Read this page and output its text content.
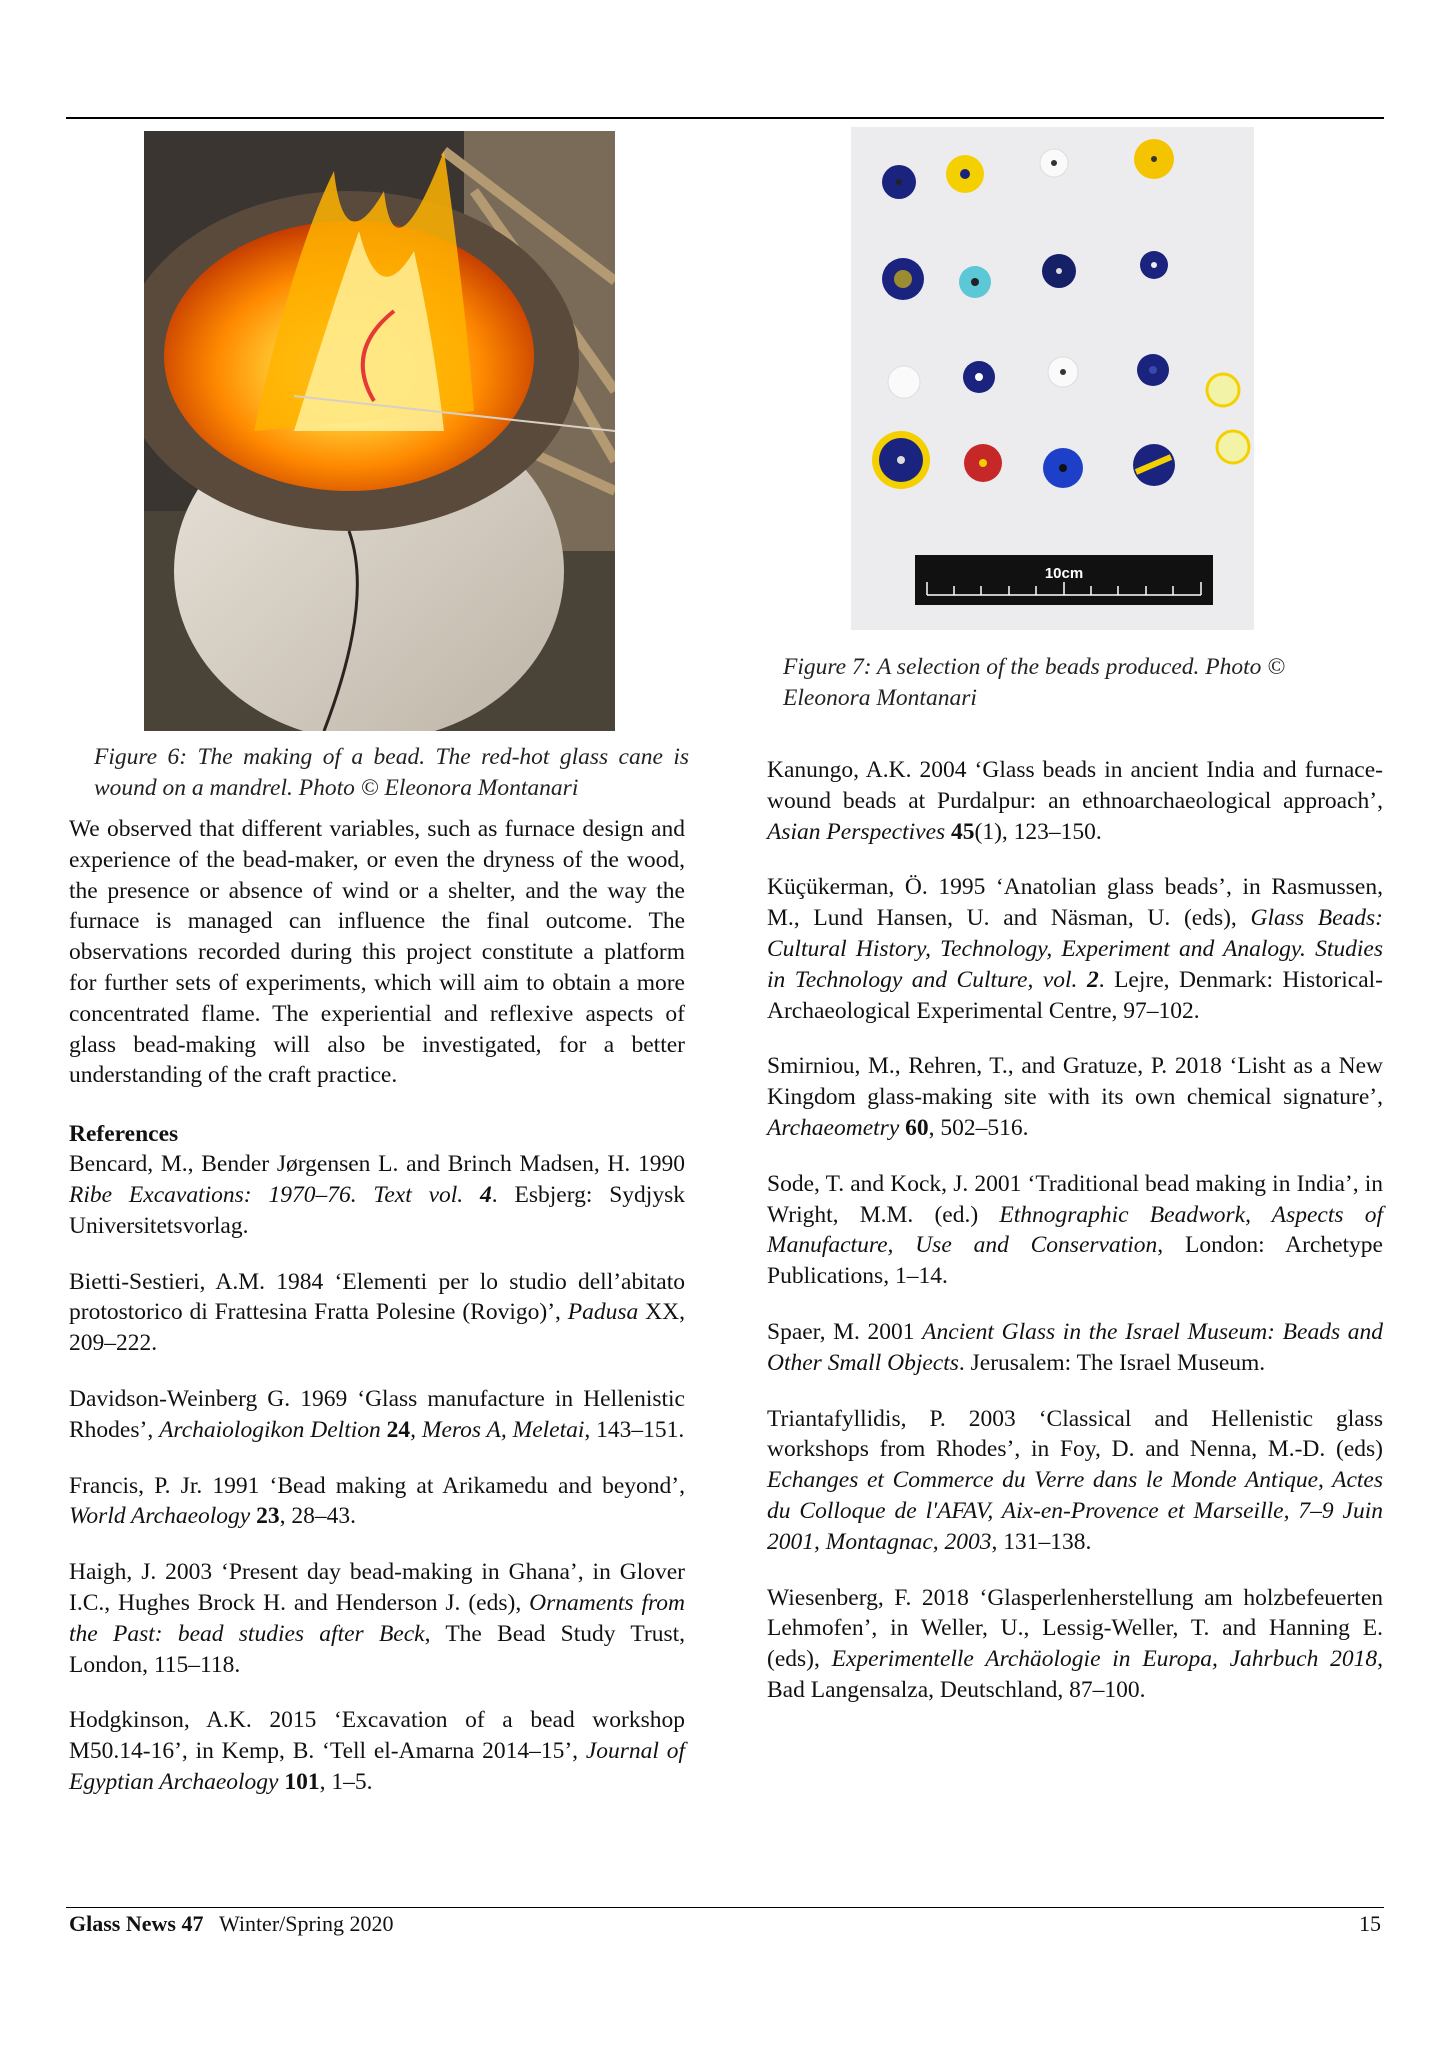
10cm
Figure 7: A selection of the beads produced. Photo © Eleonora Montanari
Figure 6: The making of a bead. The red-hot glass cane is wound on a mandrel. Photo © Eleonora Montanari

We observed that different variables, such as furnace design and experience of the bead-maker, or even the dryness of the wood, the presence or absence of wind or a shelter, and the way the furnace is managed can influence the final outcome. The observations recorded during this project constitute a platform for further sets of experiments, which will aim to obtain a more concentrated flame. The experiential and reflexive aspects of glass bead-making will also be investigated, for a better understanding of the craft practice.

References
Bencard, M., Bender Jørgensen L. and Brinch Madsen, H. 1990 Ribe Excavations: 1970–76. Text vol. 4. Esbjerg: Sydjysk Universitetsvorlag.
Bietti-Sestieri, A.M. 1984 ‘Elementi per lo studio dell’abitato protostorico di Frattesina Fratta Polesine (Rovigo)’, Padusa XX, 209–222.
Davidson-Weinberg G. 1969 ‘Glass manufacture in Hellenistic Rhodes’, Archaiologikon Deltion 24, Meros A, Meletai, 143–151.
Francis, P. Jr. 1991 ‘Bead making at Arikamedu and beyond’, World Archaeology 23, 28–43.
Haigh, J. 2003 ‘Present day bead-making in Ghana’, in Glover I.C., Hughes Brock H. and Henderson J. (eds), Ornaments from the Past: bead studies after Beck, The Bead Study Trust, London, 115–118.
Hodgkinson, A.K. 2015 ‘Excavation of a bead workshop M50.14-16’, in Kemp, B. ‘Tell el-Amarna 2014–15’, Journal of Egyptian Archaeology 101, 1–5.
Kanungo, A.K. 2004 ‘Glass beads in ancient India and furnace-wound beads at Purdalpur: an ethnoarchaeological approach’, Asian Perspectives 45(1), 123–150.
Küçükerman, Ö. 1995 ‘Anatolian glass beads’, in Rasmussen, M., Lund Hansen, U. and Näsman, U. (eds), Glass Beads: Cultural History, Technology, Experiment and Analogy. Studies in Technology and Culture, vol. 2. Lejre, Denmark: Historical-Archaeological Experimental Centre, 97–102.
Smirniou, M., Rehren, T., and Gratuze, P. 2018 ‘Lisht as a New Kingdom glass-making site with its own chemical signature’, Archaeometry 60, 502–516.
Sode, T. and Kock, J. 2001 ‘Traditional bead making in India’, in Wright, M.M. (ed.) Ethnographic Beadwork, Aspects of Manufacture, Use and Conservation, London: Archetype Publications, 1–14.
Spaer, M. 2001 Ancient Glass in the Israel Museum: Beads and Other Small Objects. Jerusalem: The Israel Museum.
Triantafyllidis, P. 2003 ‘Classical and Hellenistic glass workshops from Rhodes’, in Foy, D. and Nenna, M.-D. (eds) Echanges et Commerce du Verre dans le Monde Antique, Actes du Colloque de l'AFAV, Aix-en-Provence et Marseille, 7–9 Juin 2001, Montagnac, 2003, 131–138.
Wiesenberg, F. 2018 ‘Glasperlenherstellung am holzbefeuerten Lehmofen’, in Weller, U., Lessig-Weller, T. and Hanning E. (eds), Experimentelle Archäologie in Europa, Jahrbuch 2018, Bad Langensalza, Deutschland, 87–100.
Glass News 47 Winter/Spring 2020	15
